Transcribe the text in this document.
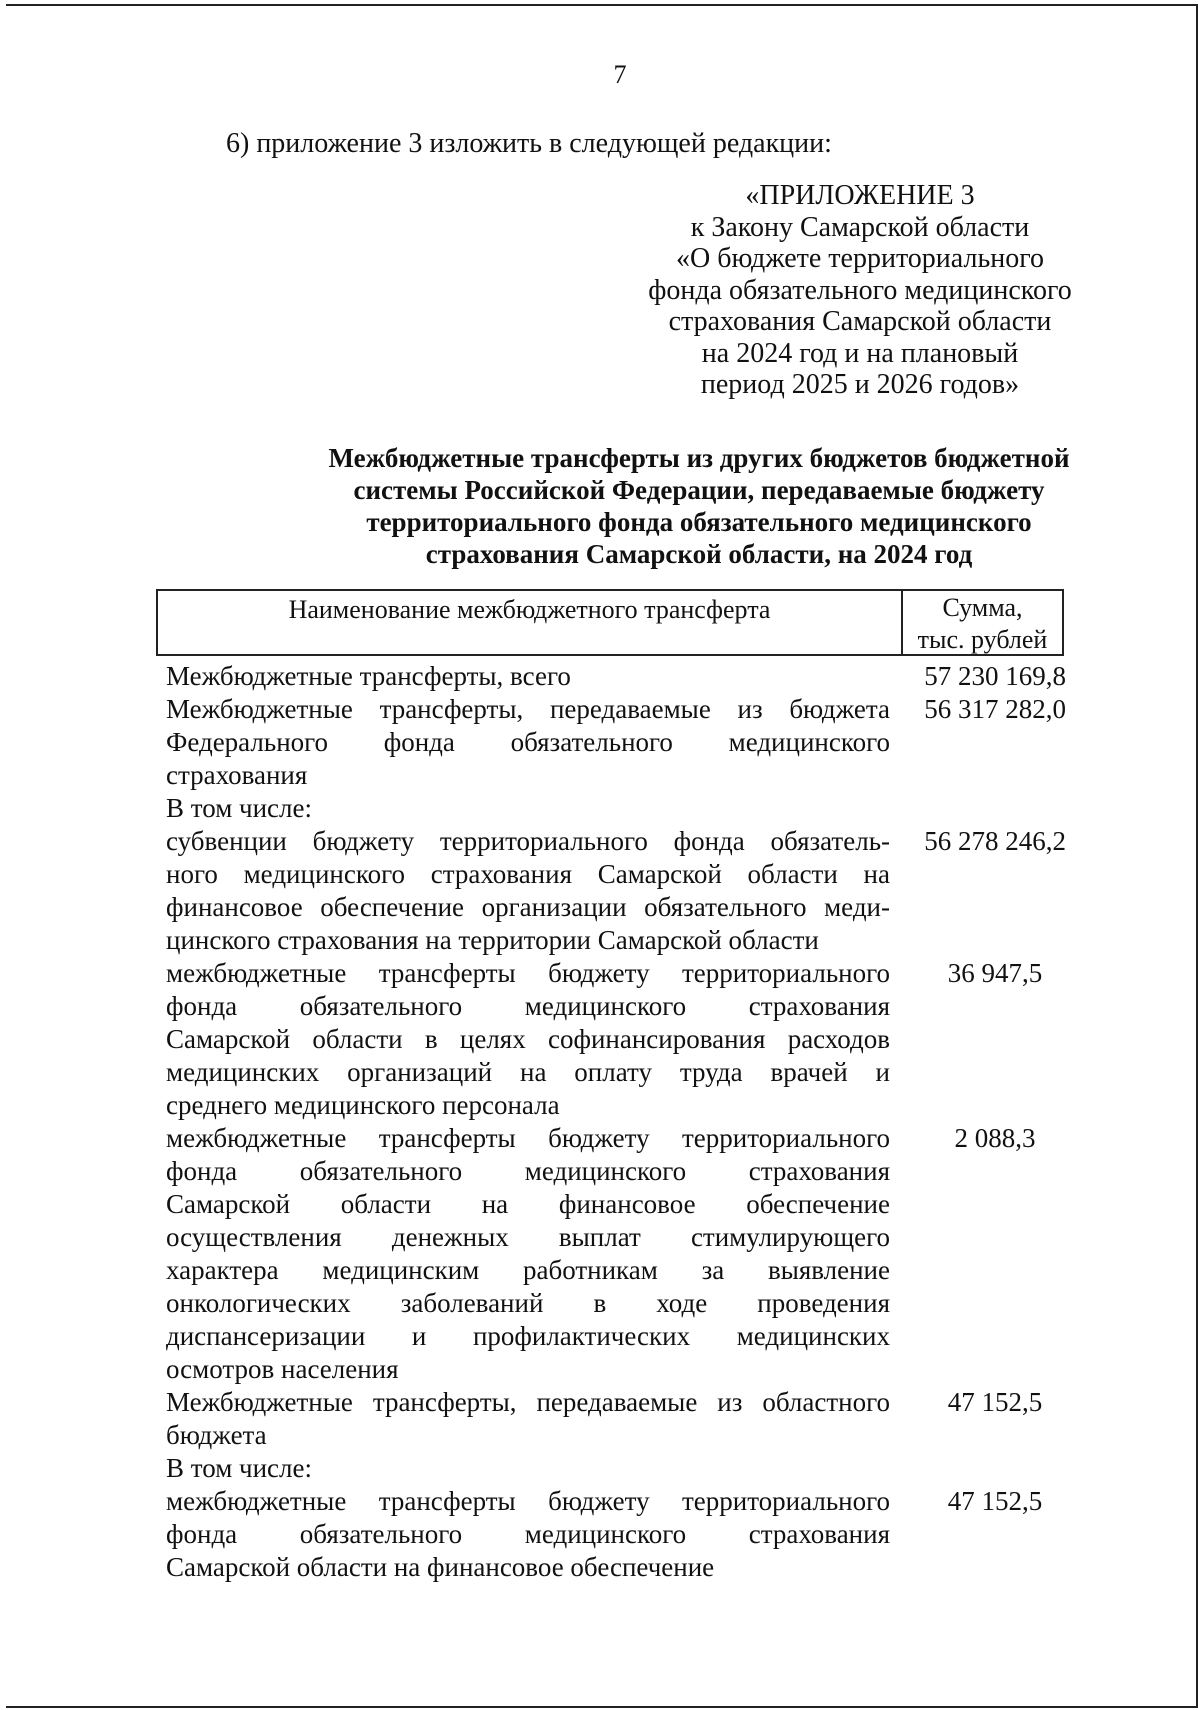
7

6) приложение 3 изложить в следующей редакции:

«ПРИЛОЖЕНИЕ 3
к Закону Самарской области
«О бюджете территориального
фонда обязательного медицинского
страхования Самарской области
на 2024 год и на плановый
период 2025 и 2026 годов»
Межбюджетные трансферты из других бюджетов бюджетной
системы Российской Федерации, передаваемые бюджету
территориального фонда обязательного медицинского
страхования Самарской области, на 2024 год
Наименование межбюджетного трансферта	Сумма,
тыс. рублей
Межбюджетные трансферты, всего	57 230 169,8
Межбюджетные трансферты, передаваемые из бюджета
Федерального фонда обязательного медицинского
страхования
56 317 282,0
В том числе:
субвенции бюджету территориального фонда обязатель-
ного медицинского страхования Самарской области на
финансовое обеспечение организации обязательного меди-
цинского страхования на территории Самарской области
56 278 246,2
межбюджетные трансферты бюджету территориального
фонда обязательного медицинского страхования
Самарской области в целях софинансирования расходов
медицинских организаций на оплату труда врачей и
среднего медицинского персонала
36 947,5
межбюджетные трансферты бюджету территориального
фонда обязательного медицинского страхования
Самарской области на финансовое обеспечение
осуществления денежных выплат стимулирующего
характера медицинским работникам за выявление
онкологических заболеваний в ходе проведения
диспансеризации и профилактических медицинских
осмотров населения
2 088,3
Межбюджетные трансферты, передаваемые из областного
бюджета
47 152,5
В том числе:
межбюджетные трансферты бюджету территориального
фонда обязательного медицинского страхования
Самарской области на финансовое обеспечение
47 152,5
